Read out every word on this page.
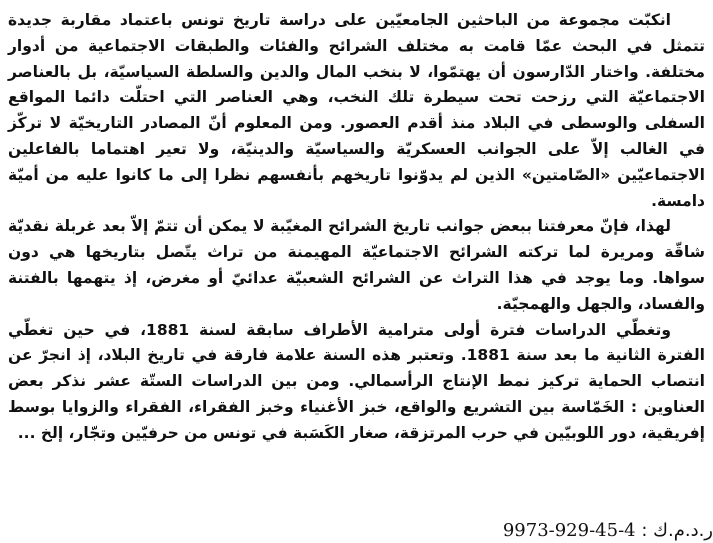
انكبّت مجموعة من الباحثين الجامعيّين على دراسة تاريخ تونس باعتماد مقاربة جديدة تتمثل في البحث عمّا قامت به مختلف الشرائح والفئات والطبقات الاجتماعية من أدوار مختلفة. واختار الدّارسون أن يهتمّوا، لا بنخب المال والدين والسلطة السياسيّة، بل بالعناصر الاجتماعيّة التي رزحت تحت سيطرة تلك النخب، وهي العناصر التي احتلّت دائما المواقع السفلى والوسطى في البلاد منذ أقدم العصور. ومن المعلوم أنّ المصادر التاريخيّة لا تركّز في الغالب إلاّ على الجوانب العسكريّة والسياسيّة والدينيّة، ولا تعير اهتماما بالفاعلين الاجتماعيّين «الصّامتين» الذين لم يدوّنوا تاريخهم بأنفسهم نظرا إلى ما كانوا عليه من أميّة دامسة.

لهذا، فإنّ معرفتنا ببعض جوانب تاريخ الشرائح المغيّبة لا يمكن أن تتمّ إلاّ بعد غربلة نقديّة شاقّة ومريرة لما تركته الشرائح الاجتماعيّة المهيمنة من تراث يتّصل بتاريخها هي دون سواها. وما يوجد في هذا التراث عن الشرائح الشعبيّة عدائيّ أو مغرض، إذ يتهمها بالفتنة والفساد، والجهل والهمجيّة.

وتغطّي الدراسات فترة أولى مترامية الأطراف سابقة لسنة 1881، في حين تغطّي الفترة الثانية ما بعد سنة 1881. وتعتبر هذه السنة علامة فارقة في تاريخ البلاد، إذ انجرّ عن انتصاب الحماية تركيز نمط الإنتاج الرأسمالي. ومن بين الدراسات الستّة عشر نذكر بعض العناوين : الخَمّاسة بين التشريع والواقع، خبز الأغنياء وخبز الفقراء، الفقراء والزوايا بوسط إفريقية، دور اللوبيّين في حرب المرتزقة، صغار الكَسَبة في تونس من حرفيّين وتجّار، إلخ ...

ر.د.م.ك : 9973-929-45-4
